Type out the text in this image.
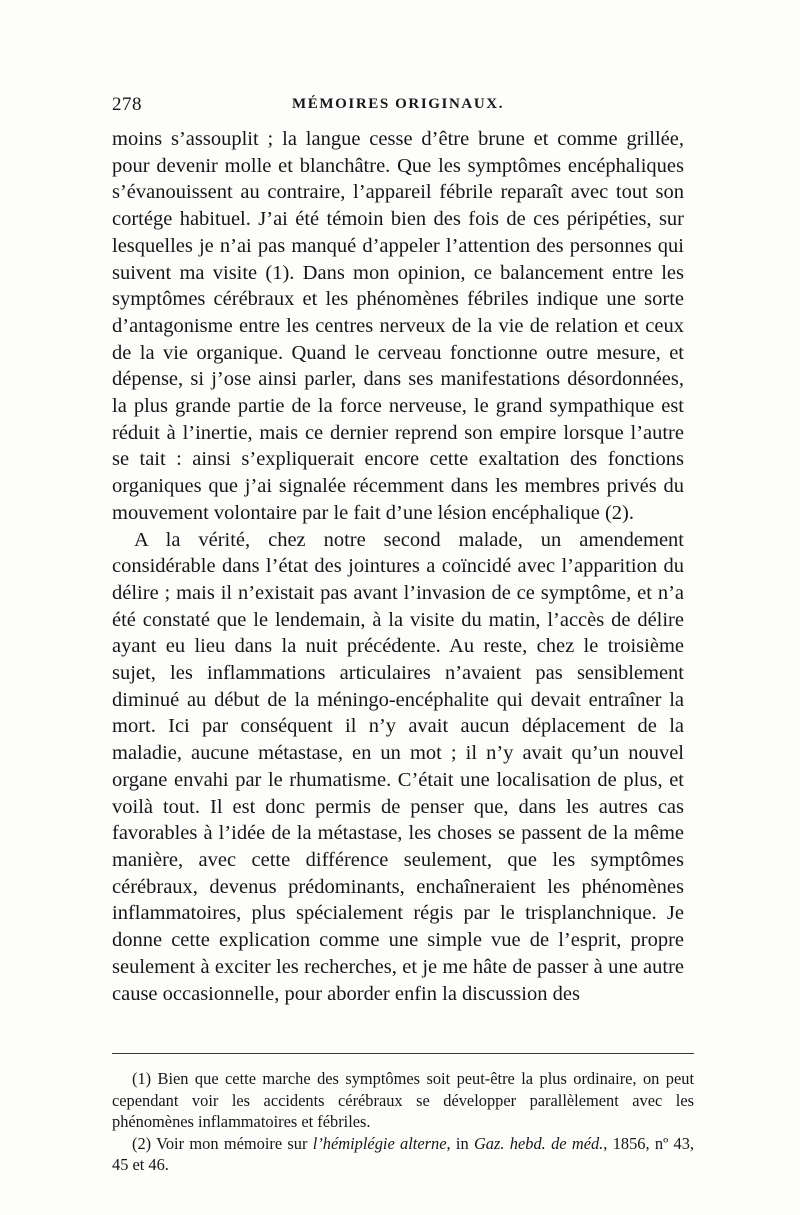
278	MÉMOIRES ORIGINAUX.

moins s’assouplit ; la langue cesse d’être brune et comme grillée, pour devenir molle et blanchâtre. Que les symptômes encéphaliques s’évanouissent au contraire, l’appareil fébrile reparaît avec tout son cortége habituel. J’ai été témoin bien des fois de ces péripéties, sur lesquelles je n’ai pas manqué d’appeler l’attention des personnes qui suivent ma visite (1). Dans mon opinion, ce balancement entre les symptômes cérébraux et les phénomènes fébriles indique une sorte d’antagonisme entre les centres nerveux de la vie de relation et ceux de la vie organique. Quand le cerveau fonctionne outre mesure, et dépense, si j’ose ainsi parler, dans ses manifestations désordonnées, la plus grande partie de la force nerveuse, le grand sympathique est réduit à l’inertie, mais ce dernier reprend son empire lorsque l’autre se tait : ainsi s’expliquerait encore cette exaltation des fonctions organiques que j’ai signalée récemment dans les membres privés du mouvement volontaire par le fait d’une lésion encéphalique (2).

A la vérité, chez notre second malade, un amendement considérable dans l’état des jointures a coïncidé avec l’apparition du délire ; mais il n’existait pas avant l’invasion de ce symptôme, et n’a été constaté que le lendemain, à la visite du matin, l’accès de délire ayant eu lieu dans la nuit précédente. Au reste, chez le troisième sujet, les inflammations articulaires n’avaient pas sensiblement diminué au début de la méningo-encéphalite qui devait entraîner la mort. Ici par conséquent il n’y avait aucun déplacement de la maladie, aucune métastase, en un mot ; il n’y avait qu’un nouvel organe envahi par le rhumatisme. C’était une localisation de plus, et voilà tout. Il est donc permis de penser que, dans les autres cas favorables à l’idée de la métastase, les choses se passent de la même manière, avec cette différence seulement, que les symptômes cérébraux, devenus prédominants, enchaîneraient les phénomènes inflammatoires, plus spécialement régis par le trisplanchnique. Je donne cette explication comme une simple vue de l’esprit, propre seulement à exciter les recherches, et je me hâte de passer à une autre cause occasionnelle, pour aborder enfin la discussion des

(1) Bien que cette marche des symptômes soit peut-être la plus ordinaire, on peut cependant voir les accidents cérébraux se développer parallèlement avec les phénomènes inflammatoires et fébriles.

(2) Voir mon mémoire sur l’hémiplégie alterne, in Gaz. hebd. de méd., 1856, nº 43, 45 et 46.
